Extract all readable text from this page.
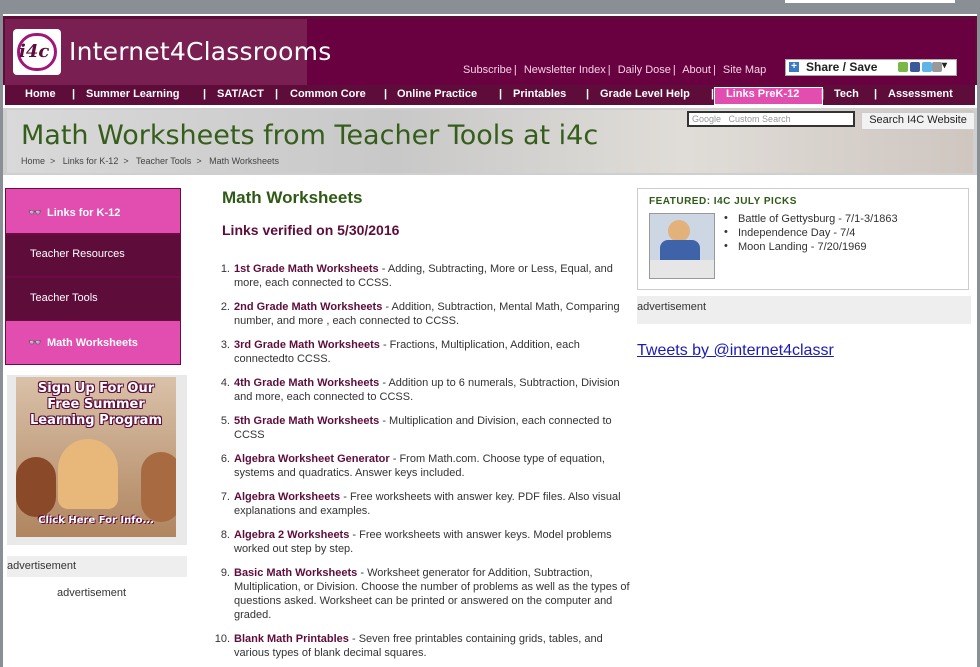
i4c Internet4Classrooms
Subscribe | Newsletter Index | Daily Dose | About | Site Map + Share / Save	▾
Home | Summer Learning | SAT/ACT | Common Core | Online Practice | Printables | Grade Level Help | Links PreK-12 | Tech | Assessment
Math Worksheets from Teacher Tools at i4c
Home > Links for K-12 > Teacher Tools > Math Worksheets
Google Custom Search	Search I4C Website
👓 Links for K-12
Teacher Resources
Teacher Tools
👓 Math Worksheets
Sign Up For Our
Free Summer
Learning Program
Click Here For Info...
advertisement
advertisement
Math Worksheets
Links verified on 5/30/2016
1. 1st Grade Math Worksheets - Adding, Subtracting, More or Less, Equal, and more, each connected to CCSS.
2. 2nd Grade Math Worksheets - Addition, Subtraction, Mental Math, Comparing number, and more , each connected to CCSS.
3. 3rd Grade Math Worksheets - Fractions, Multiplication, Addition, each connectedto CCSS.
4. 4th Grade Math Worksheets - Addition up to 6 numerals, Subtraction, Division and more, each connected to CCSS.
5. 5th Grade Math Worksheets - Multiplication and Division, each connected to CCSS
6. Algebra Worksheet Generator - From Math.com. Choose type of equation, systems and quadratics. Answer keys included.
7. Algebra Worksheets - Free worksheets with answer key. PDF files. Also visual explanations and examples.
8. Algebra 2 Worksheets - Free worksheets with answer keys. Model problems worked out step by step.
9. Basic Math Worksheets - Worksheet generator for Addition, Subtraction, Multiplication, or Division. Choose the number of problems as well as the types of questions asked. Worksheet can be printed or answered on the computer and graded.
10. Blank Math Printables - Seven free printables containing grids, tables, and various types of blank decimal squares.
FEATURED: I4C JULY PICKS
• Battle of Gettysburg - 7/1-3/1863
• Independence Day - 7/4
• Moon Landing - 7/20/1969
advertisement
Tweets by @internet4classr
